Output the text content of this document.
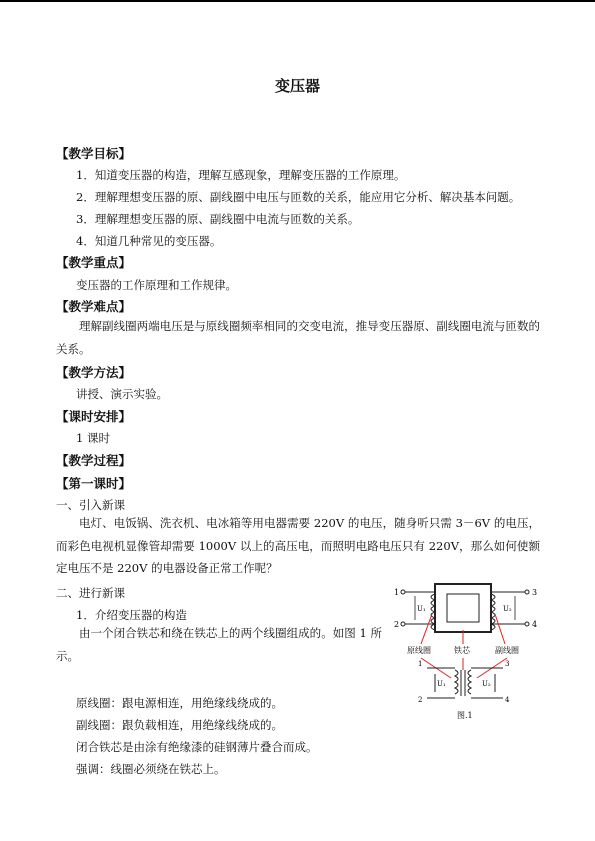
变压器
【教学目标】
1．知道变压器的构造，理解互感现象，理解变压器的工作原理。
2．理解理想变压器的原、副线圈中电压与匝数的关系，能应用它分析、解决基本问题。
3．理解理想变压器的原、副线圈中电流与匝数的关系。
4．知道几种常见的变压器。
【教学重点】
变压器的工作原理和工作规律。
【教学难点】
理解副线圈两端电压是与原线圈频率相同的交变电流，推导变压器原、副线圈电流与匝数的关系。
【教学方法】
讲授、演示实验。
【课时安排】
1 课时
【教学过程】
【第一课时】
一、引入新课
电灯、电饭锅、洗衣机、电冰箱等用电器需要 220V 的电压，随身听只需 3－6V 的电压，而彩色电视机显像管却需要 1000V 以上的高压电，而照明电路电压只有 220V，那么如何使额定电压不是 220V 的电器设备正常工作呢？
二、进行新课
1．介绍变压器的构造
由一个闭合铁芯和绕在铁芯上的两个线圈组成的。如图 1 所示。
原线圈：跟电源相连，用绝缘线绕成的。
副线圈：跟负载相连，用绝缘线绕成的。
闭合铁芯是由涂有绝缘漆的硅钢薄片叠合而成。
强调：线圈必须绕在铁芯上。
1
2
3
4
U₁	U₂
原线圈	铁芯	副线圈
1
2
3
4
U₁	U₂
图.1
